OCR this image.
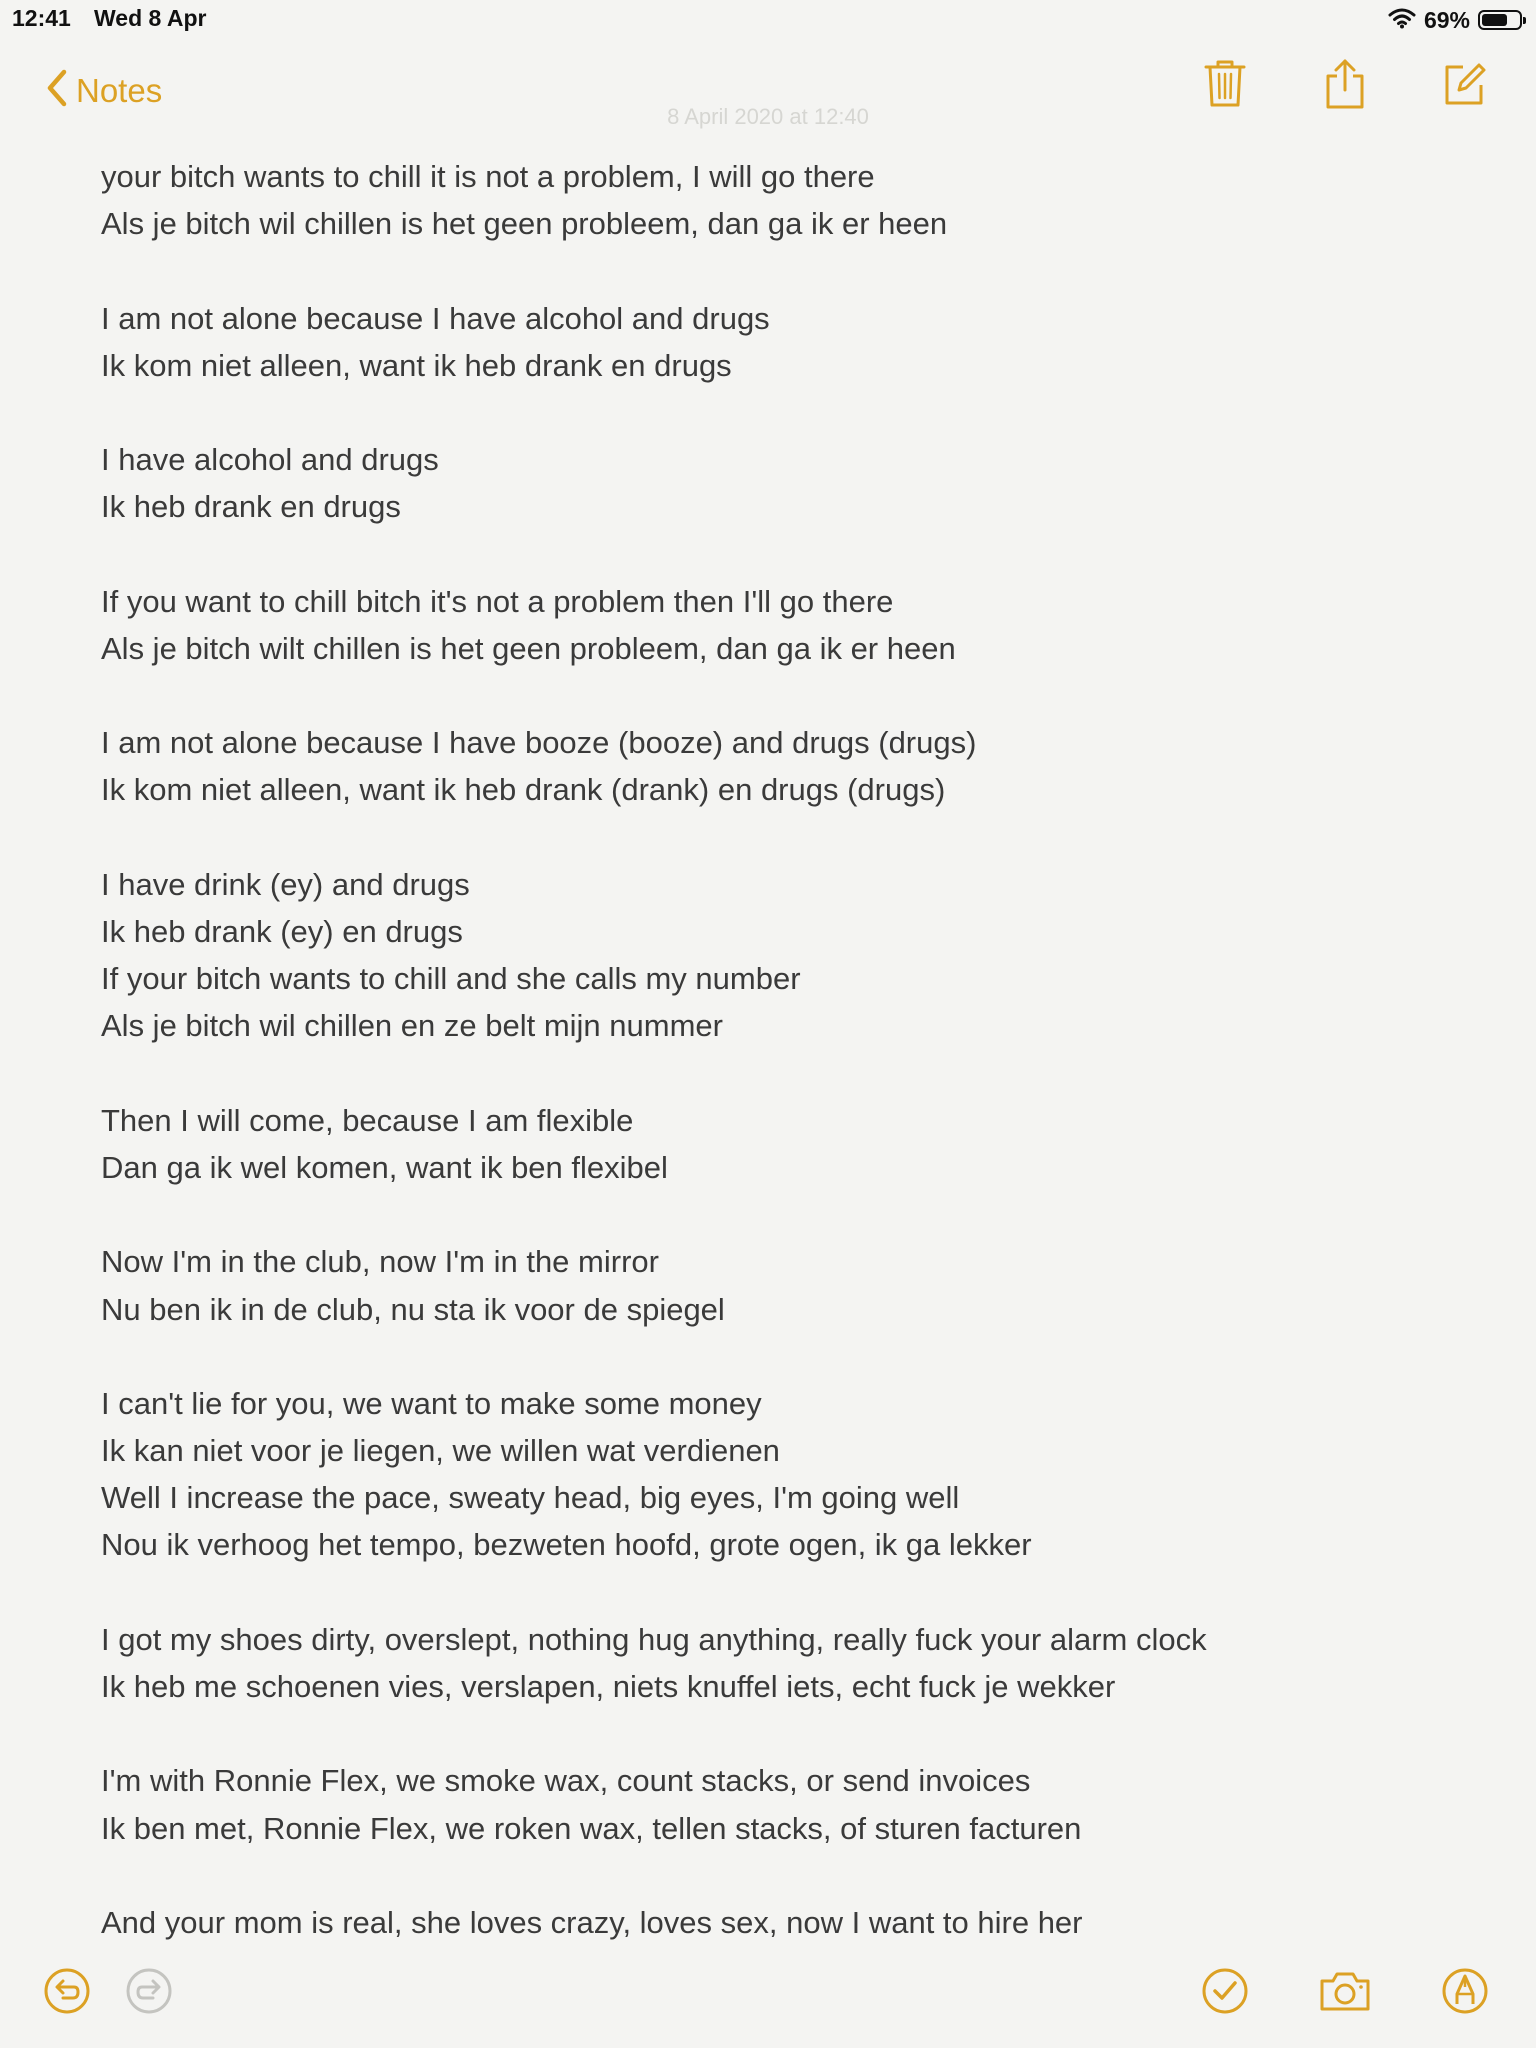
12:41 Wed 8 Apr	69%
Notes
8 April 2020 at 12:40
your bitch wants to chill it is not a problem, I will go there
Als je bitch wil chillen is het geen probleem, dan ga ik er heen
I am not alone because I have alcohol and drugs
Ik kom niet alleen, want ik heb drank en drugs
I have alcohol and drugs
Ik heb drank en drugs
If you want to chill bitch it's not a problem then I'll go there
Als je bitch wilt chillen is het geen probleem, dan ga ik er heen
I am not alone because I have booze (booze) and drugs (drugs)
Ik kom niet alleen, want ik heb drank (drank) en drugs (drugs)
I have drink (ey) and drugs
Ik heb drank (ey) en drugs
If your bitch wants to chill and she calls my number
Als je bitch wil chillen en ze belt mijn nummer
Then I will come, because I am flexible
Dan ga ik wel komen, want ik ben flexibel
Now I'm in the club, now I'm in the mirror
Nu ben ik in de club, nu sta ik voor de spiegel
I can't lie for you, we want to make some money
Ik kan niet voor je liegen, we willen wat verdienen
Well I increase the pace, sweaty head, big eyes, I'm going well
Nou ik verhoog het tempo, bezweten hoofd, grote ogen, ik ga lekker
I got my shoes dirty, overslept, nothing hug anything, really fuck your alarm clock
Ik heb me schoenen vies, verslapen, niets knuffel iets, echt fuck je wekker
I'm with Ronnie Flex, we smoke wax, count stacks, or send invoices
Ik ben met, Ronnie Flex, we roken wax, tellen stacks, of sturen facturen
And your mom is real, she loves crazy, loves sex, now I want to hire her
